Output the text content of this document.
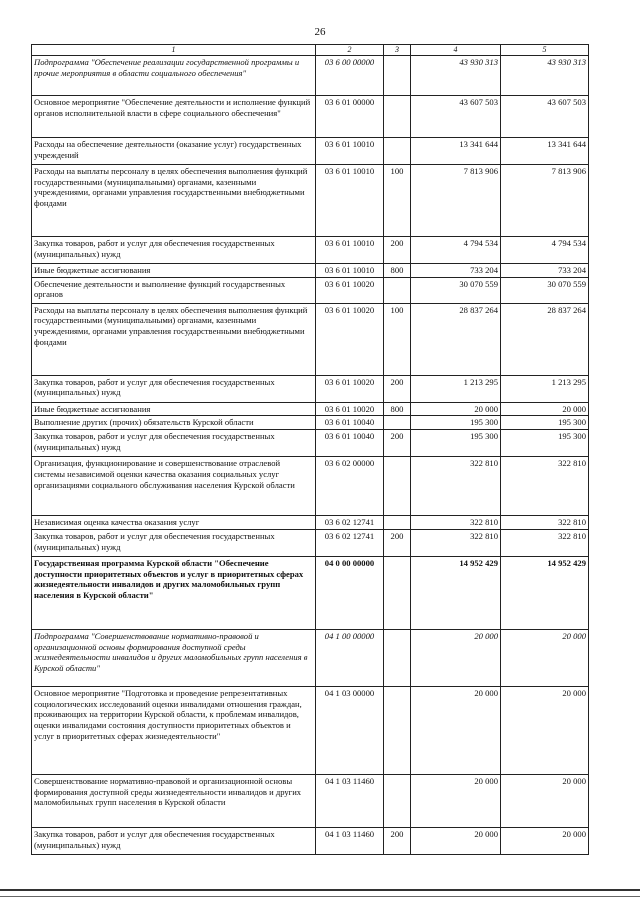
26
1	2	3	4	5
Подпрограмма "Обеспечение реализации государственной программы и прочие мероприятия в области социального обеспечения"	03 6 00 00000		43 930 313	43 930 313
Основное мероприятие "Обеспечение деятельности и исполнение функций органов исполнительной власти в сфере социального обеспечения"	03 6 01 00000		43 607 503	43 607 503
Расходы на обеспечение деятельности (оказание услуг) государственных учреждений	03 6 01 10010		13 341 644	13 341 644
Расходы на выплаты персоналу в целях обеспечения выполнения функций государственными (муниципальными) органами, казенными учреждениями, органами управления государственными внебюджетными фондами	03 6 01 10010	100	7 813 906	7 813 906
Закупка товаров, работ и услуг для обеспечения государственных (муниципальных) нужд	03 6 01 10010	200	4 794 534	4 794 534
Иные бюджетные ассигнования	03 6 01 10010	800	733 204	733 204
Обеспечение деятельности и выполнение функций государственных органов	03 6 01 10020		30 070 559	30 070 559
Расходы на выплаты персоналу в целях обеспечения выполнения функций государственными (муниципальными) органами, казенными учреждениями, органами управления государственными внебюджетными фондами	03 6 01 10020	100	28 837 264	28 837 264
Закупка товаров, работ и услуг для обеспечения государственных (муниципальных) нужд	03 6 01 10020	200	1 213 295	1 213 295
Иные бюджетные ассигнования	03 6 01 10020	800	20 000	20 000
Выполнение других (прочих) обязательств Курской области	03 6 01 10040		195 300	195 300
Закупка товаров, работ и услуг для обеспечения государственных (муниципальных) нужд	03 6 01 10040	200	195 300	195 300
Организация, функционирование и совершенствование отраслевой системы независимой оценки качества оказания социальных услуг организациями социального обслуживания населения Курской области	03 6 02 00000		322 810	322 810
Независимая оценка качества оказания услуг	03 6 02 12741		322 810	322 810
Закупка товаров, работ и услуг для обеспечения государственных (муниципальных) нужд	03 6 02 12741	200	322 810	322 810
Государственная программа Курской области "Обеспечение доступности приоритетных объектов и услуг в приоритетных сферах жизнедеятельности инвалидов и других маломобильных групп населения в Курской области"	04 0 00 00000		14 952 429	14 952 429
Подпрограмма "Совершенствование нормативно-правовой и организационной основы формирования доступной среды жизнедеятельности инвалидов и других маломобильных групп населения в Курской области"	04 1 00 00000		20 000	20 000
Основное мероприятие "Подготовка и проведение репрезентативных социологических исследований оценки инвалидами отношения граждан, проживающих на территории Курской области, к проблемам инвалидов, оценки инвалидами состояния доступности приоритетных объектов и услуг в приоритетных сферах жизнедеятельности"	04 1 03 00000		20 000	20 000
Совершенствование нормативно-правовой и организационной основы формирования доступной среды жизнедеятельности инвалидов и других маломобильных групп населения в Курской области	04 1 03 11460		20 000	20 000
Закупка товаров, работ и услуг для обеспечения государственных (муниципальных) нужд	04 1 03 11460	200	20 000	20 000
